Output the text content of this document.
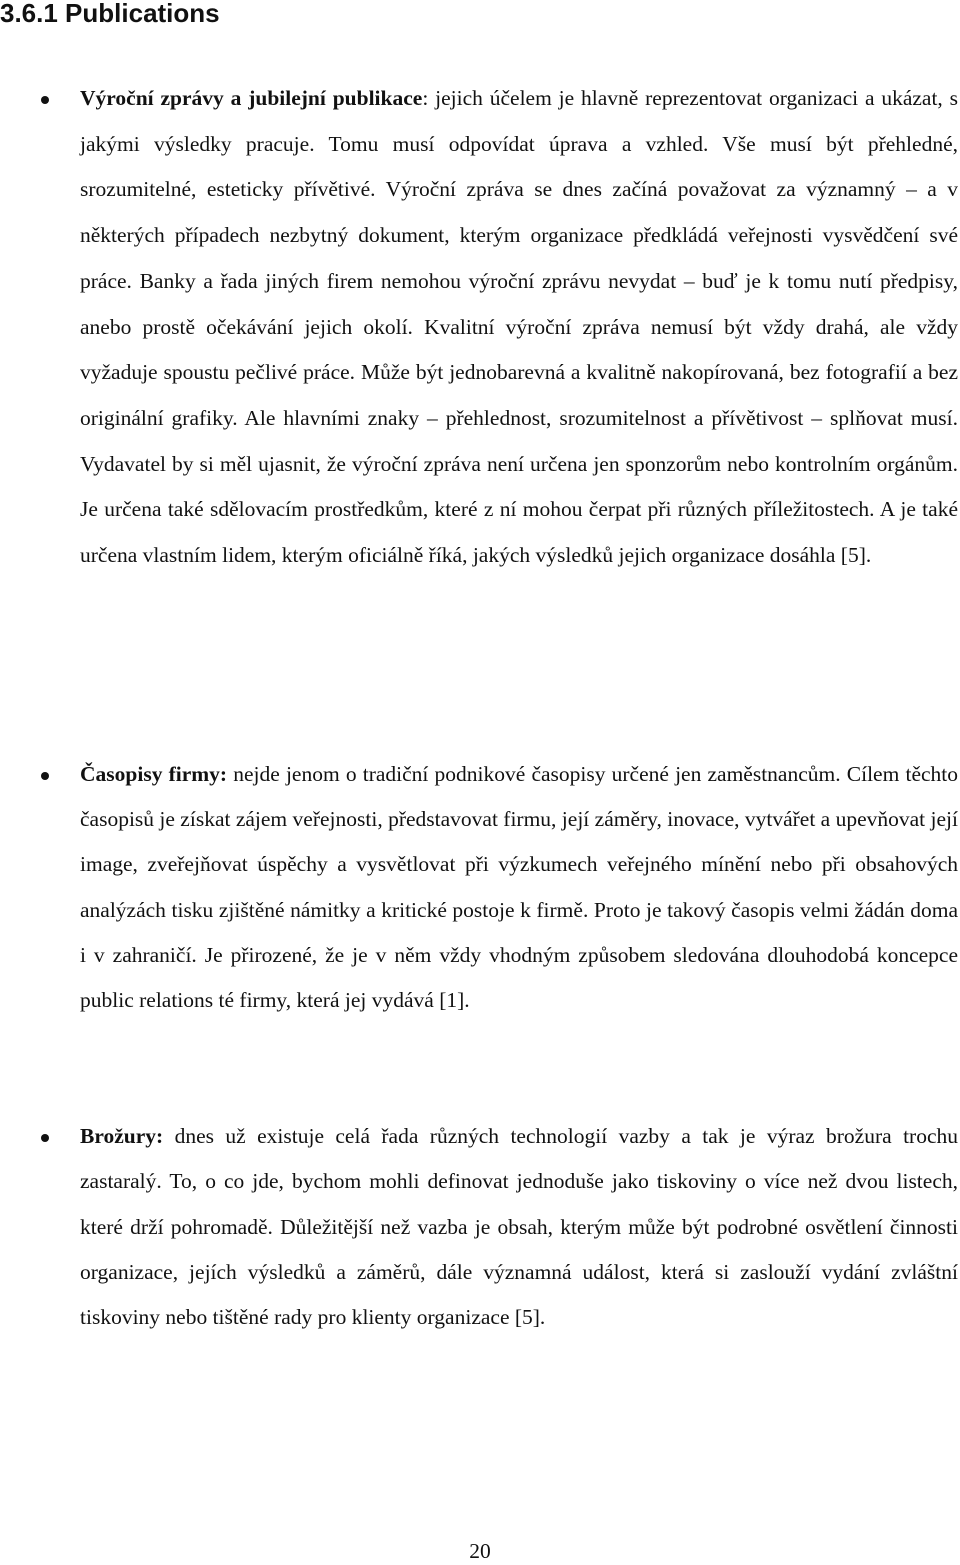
3.6.1 Publications

Výroční zprávy a jubilejní publikace: jejich účelem je hlavně reprezentovat organizaci a ukázat, s jakými výsledky pracuje. Tomu musí odpovídat úprava a vzhled. Vše musí být přehledné, srozumitelné, esteticky přívětivé. Výroční zpráva se dnes začíná považovat za významný – a v některých případech nezbytný dokument, kterým organizace předkládá veřejnosti vysvědčení své práce. Banky a řada jiných firem nemohou výroční zprávu nevydat – buď je k tomu nutí předpisy, anebo prostě očekávání jejich okolí. Kvalitní výroční zpráva nemusí být vždy drahá, ale vždy vyžaduje spoustu pečlivé práce. Může být jednobarevná a kvalitně nakopírovaná, bez fotografií a bez originální grafiky. Ale hlavními znaky – přehlednost, srozumitelnost a přívětivost – splňovat musí. Vydavatel by si měl ujasnit, že výroční zpráva není určena jen sponzorům nebo kontrolním orgánům. Je určena také sdělovacím prostředkům, které z ní mohou čerpat při různých příležitostech. A je také určena vlastním lidem, kterým oficiálně říká, jakých výsledků jejich organizace dosáhla [5].

Časopisy firmy: nejde jenom o tradiční podnikové časopisy určené jen zaměstnancům. Cílem těchto časopisů je získat zájem veřejnosti, představovat firmu, její záměry, inovace, vytvářet a upevňovat její image, zveřejňovat úspěchy a vysvětlovat při výzkumech veřejného mínění nebo při obsahových analýzách tisku zjištěné námitky a kritické postoje k firmě. Proto je takový časopis velmi žádán doma i v zahraničí. Je přirozené, že je v něm vždy vhodným způsobem sledována dlouhodobá koncepce public relations té firmy, která jej vydává [1].

Brožury: dnes už existuje celá řada různých technologií vazby a tak je výraz brožura trochu zastaralý. To, o co jde, bychom mohli definovat jednoduše jako tiskoviny o více než dvou listech, které drží pohromadě. Důležitější než vazba je obsah, kterým může být podrobné osvětlení činnosti organizace, jejích výsledků a záměrů, dále významná událost, která si zaslouží vydání zvláštní tiskoviny nebo tištěné rady pro klienty organizace [5].

20
